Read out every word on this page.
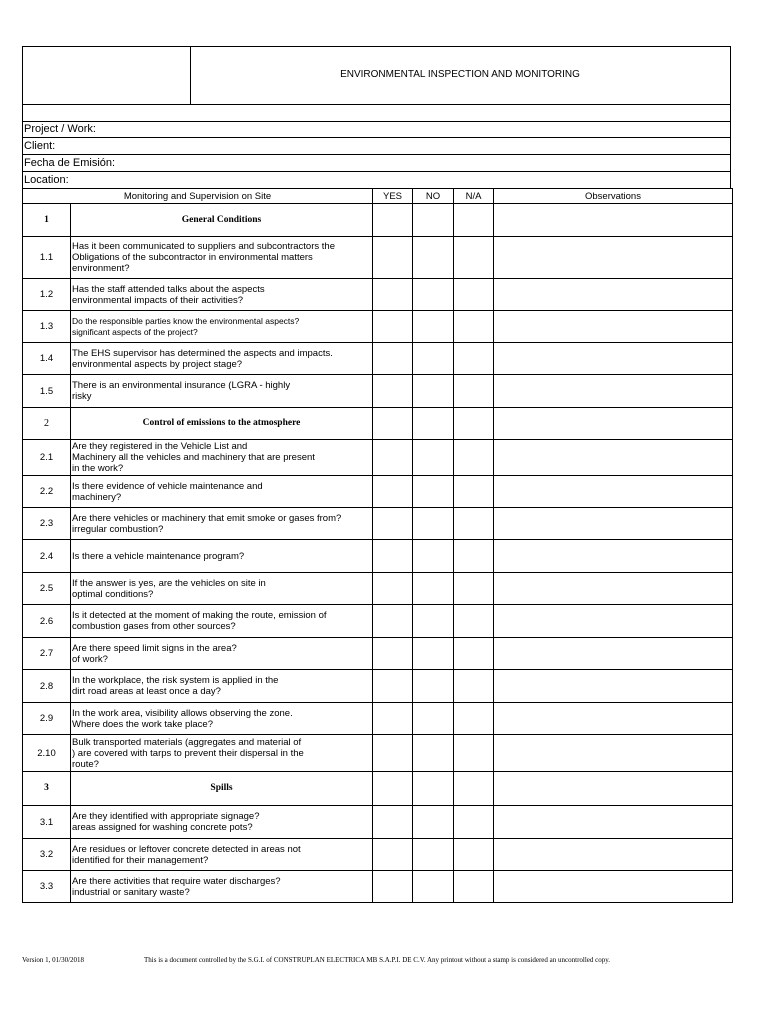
ENVIRONMENTAL INSPECTION AND MONITORING
Project / Work:
Client:
Fecha de Emisión:
Location:
Monitoring and Supervision on Site		YES	NO	N/A	Observations
1	General Conditions				
1.1	Has it been communicated to suppliers and subcontractors the
Obligations of the subcontractor in environmental matters
environment?				

1.2	Has the staff attended talks about the aspects
environmental impacts of their activities?				

1.3	Do the responsible parties know the environmental aspects?
significant aspects of the project?				

1.4	The EHS supervisor has determined the aspects and impacts.
environmental aspects by project stage?				

1.5	There is an environmental insurance (LGRA - highly
risky				

2	Control of emissions to the atmosphere				
2.1	Are they registered in the Vehicle List and
Machinery all the vehicles and machinery that are present
in the work?				

2.2	Is there evidence of vehicle maintenance and
machinery?				

2.3	Are there vehicles or machinery that emit smoke or gases from?
irregular combustion?				

2.4	Is there a vehicle maintenance program?				

2.5	If the answer is yes, are the vehicles on site in
optimal conditions?				

2.6	Is it detected at the moment of making the route, emission of
combustion gases from other sources?				

2.7	Are there speed limit signs in the area?
of work?				

2.8	In the workplace, the risk system is applied in the
dirt road areas at least once a day?				

2.9	In the work area, visibility allows observing the zone.
Where does the work take place?				

2.10	Bulk transported materials (aggregates and material of
) are covered with tarps to prevent their dispersal in the
route?				

3	Spills				
3.1	Are they identified with appropriate signage?
areas assigned for washing concrete pots?				

3.2	Are residues or leftover concrete detected in areas not
identified for their management?				

3.3	Are there activities that require water discharges?
industrial or sanitary waste?				

Version 1, 01/30/2018	This is a document controlled by the S.G.I. of CONSTRUPLAN ELECTRICA MB S.A.P.I. DE C.V. Any printout without a stamp is considered an uncontrolled copy.
